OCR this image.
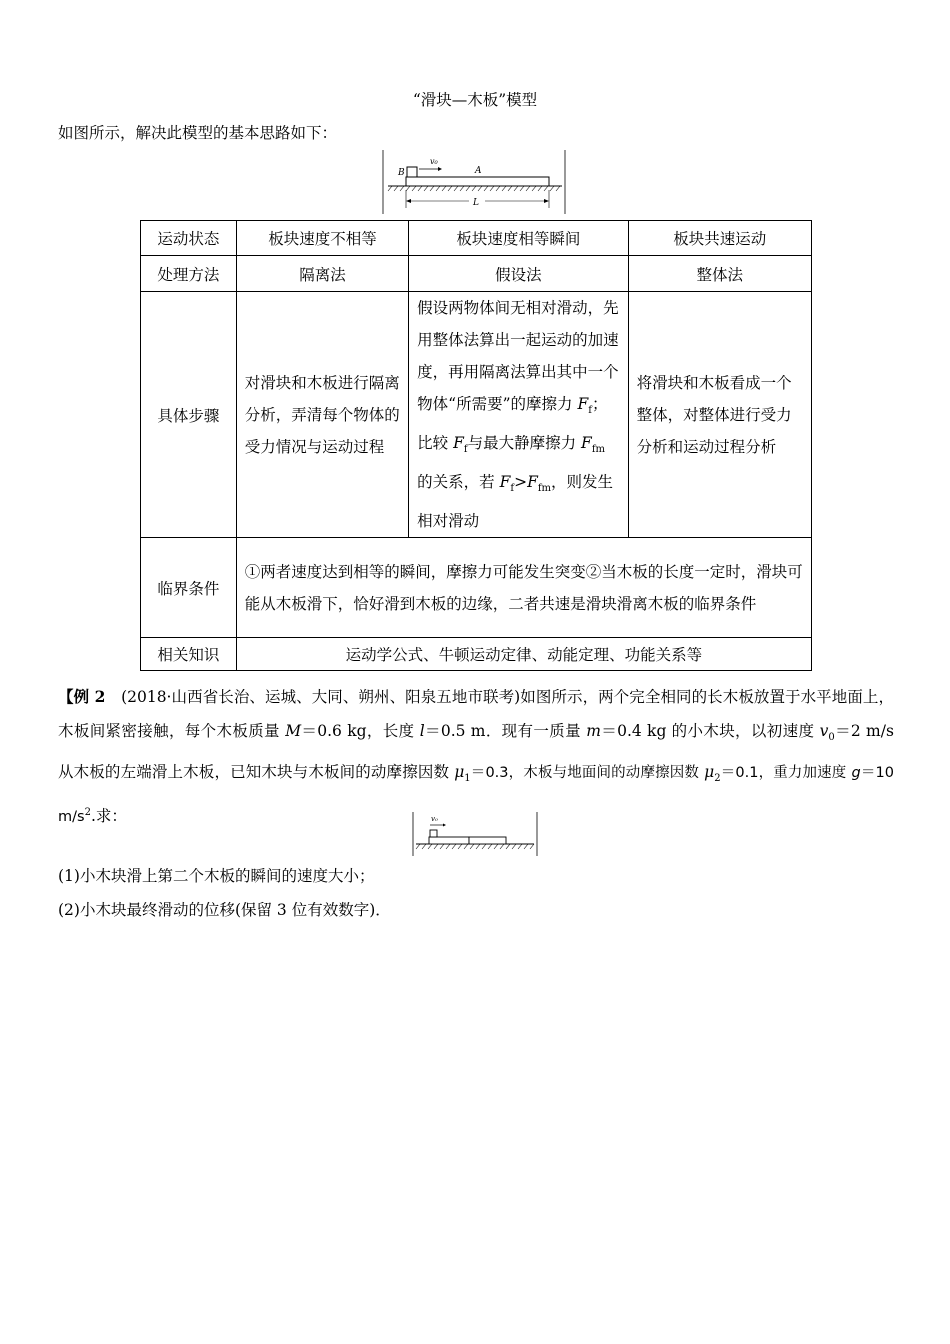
“滑块—木板”模型
如图所示，解决此模型的基本思路如下：
B
v₀
A
L
运动状态	板块速度不相等	板块速度相等瞬间	板块共速运动
处理方法	隔离法	假设法	整体法
具体步骤	对滑块和木板进行隔离分析，弄清每个物体的受力情况与运动过程	假设两物体间无相对滑动，先用整体法算出一起运动的加速度，再用隔离法算出其中一个物体“所需要”的摩擦力 $F_f$；比较 $F_f$与最大静摩擦力 $F_{fm}$的关系，若 $F_f>F_{fm}$，则发生相对滑动	将滑块和木板看成一个整体，对整体进行受力分析和运动过程分析
临界条件	①两者速度达到相等的瞬间，摩擦力可能发生突变②当木板的长度一定时，滑块可能从木板滑下，恰好滑到木板的边缘，二者共速是滑块滑离木板的临界条件		
相关知识	运动学公式、牛顿运动定律、动能定理、功能关系等		
【例 2　 (2018·山西省长治、运城、大同、朔州、阳泉五地市联考)如图所示，两个完全相同的长木板放置于水平地面上，木板间紧密接触，每个木板质量 M＝0.6 kg，长度 l＝0.5 m．现有一质量 m＝0.4 kg 的小木块，以初速度 $v_0=2$ m/s 从木板的左端滑上木板，已知木块与木板间的动摩擦因数 $\mu_1=0.3$，木板与地面间的动摩擦因数 $\mu_2=0.1$，重力加速度 g＝10 $m/s^2$.求：	v₀
(1)小木块滑上第二个木板的瞬间的速度大小；
(2)小木块最终滑动的位移(保留 3 位有效数字)．
